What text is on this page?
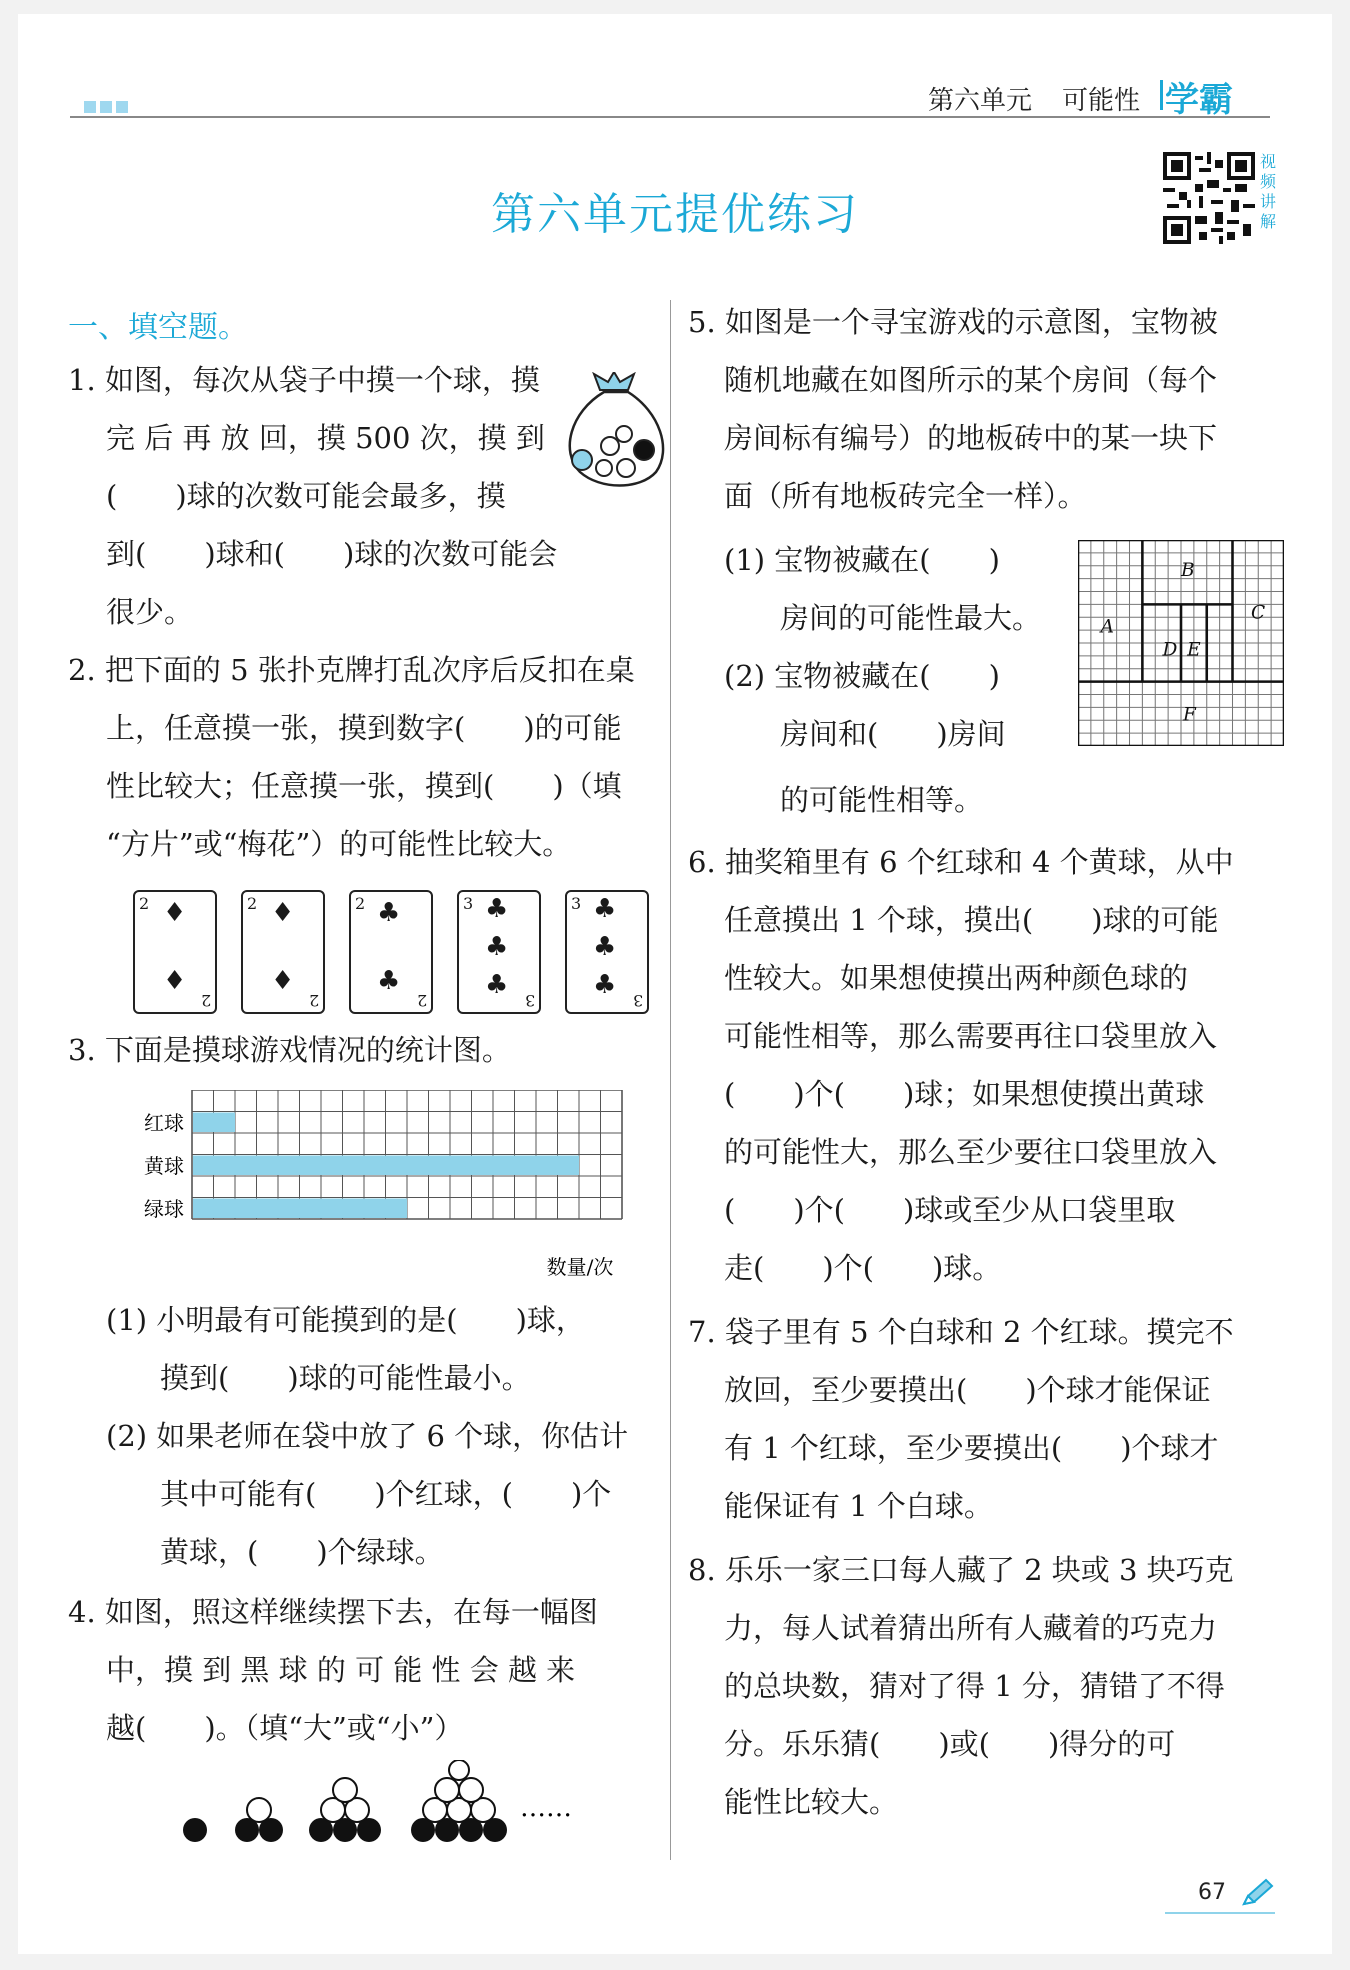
第六单元 可能性 学霸
第六单元提优练习
视频讲解
一、填空题。
1. 如图，每次从袋子中摸一个球，摸
完 后 再 放 回，摸 500 次，摸 到
(　　)球的次数可能会最多，摸
到(　　)球和(　　)球的次数可能会
很少。
2. 把下面的 5 张扑克牌打乱次序后反扣在桌
上，任意摸一张，摸到数字(　　)的可能
性比较大；任意摸一张，摸到(　　)（填
“方片”或“梅花”）的可能性比较大。
2 ♦
♦
2
2 ♦
♦
2
2 ♣
♣
2
3 ♣
♣
♣
3
3 ♣
♣
♣
3
3. 下面是摸球游戏情况的统计图。
红球
黄球
绿球
数量/次
(1) 小明最有可能摸到的是(　　)球，
摸到(　　)球的可能性最小。
(2) 如果老师在袋中放了 6 个球，你估计
其中可能有(　　)个红球，(　　)个
黄球，(　　)个绿球。
4. 如图，照这样继续摆下去，在每一幅图
中，摸 到 黑 球 的 可 能 性 会 越 来
越(　　)。（填“大”或“小”）
……
5. 如图是一个寻宝游戏的示意图，宝物被
随机地藏在如图所示的某个房间（每个
房间标有编号）的地板砖中的某一块下
面（所有地板砖完全一样）。
(1) 宝物被藏在(　　)
房间的可能性最大。
(2) 宝物被藏在(　　)
房间和(　　)房间
的可能性相等。
A
B
C
D E
F
6. 抽奖箱里有 6 个红球和 4 个黄球，从中
任意摸出 1 个球，摸出(　　)球的可能
性较大。如果想使摸出两种颜色球的
可能性相等，那么需要再往口袋里放入
(　　)个(　　)球；如果想使摸出黄球
的可能性大，那么至少要往口袋里放入
(　　)个(　　)球或至少从口袋里取
走(　　)个(　　)球。
7. 袋子里有 5 个白球和 2 个红球。摸完不
放回，至少要摸出(　　)个球才能保证
有 1 个红球，至少要摸出(　　)个球才
能保证有 1 个白球。
8. 乐乐一家三口每人藏了 2 块或 3 块巧克
力，每人试着猜出所有人藏着的巧克力
的总块数，猜对了得 1 分，猜错了不得
分。乐乐猜(　　)或(　　)得分的可
能性比较大。
67
